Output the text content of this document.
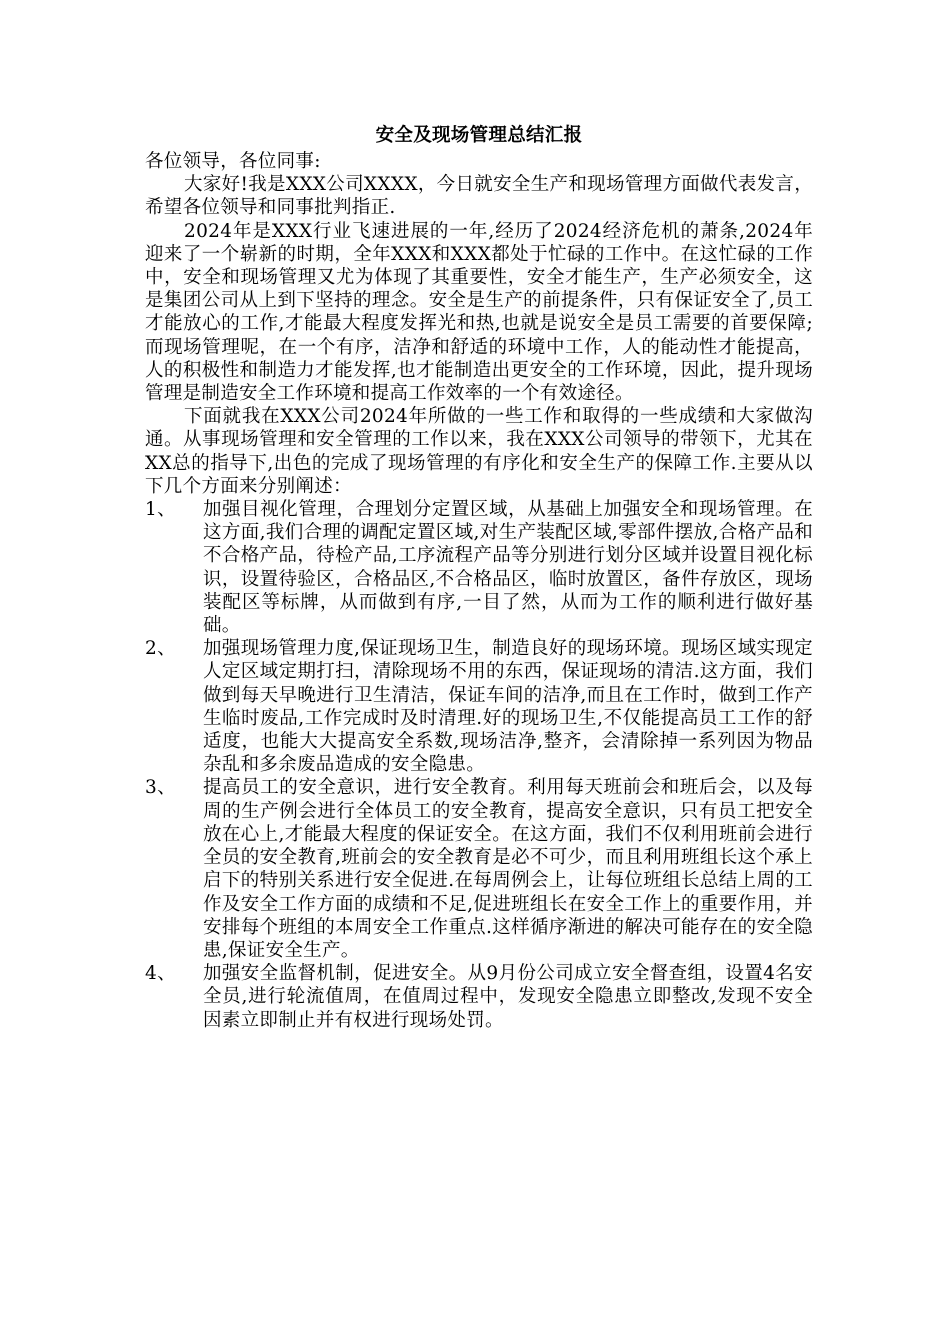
安全及现场管理总结汇报

各位领导，各位同事:

大家好!我是XXX公司XXXX，今日就安全生产和现场管理方面做代表发言，希望各位领导和同事批判指正.

2024年是XXX行业飞速进展的一年,经历了2024经济危机的萧条,2024年迎来了一个崭新的时期，全年XXX和XXX都处于忙碌的工作中。在这忙碌的工作中，安全和现场管理又尤为体现了其重要性，安全才能生产，生产必须安全，这是集团公司从上到下坚持的理念。安全是生产的前提条件，只有保证安全了,员工才能放心的工作,才能最大程度发挥光和热,也就是说安全是员工需要的首要保障;而现场管理呢，在一个有序，洁净和舒适的环境中工作，人的能动性才能提高，人的积极性和制造力才能发挥,也才能制造出更安全的工作环境，因此，提升现场管理是制造安全工作环境和提高工作效率的一个有效途径。

下面就我在XXX公司2024年所做的一些工作和取得的一些成绩和大家做沟通。从事现场管理和安全管理的工作以来，我在XXX公司领导的带领下，尤其在XX总的指导下,出色的完成了现场管理的有序化和安全生产的保障工作.主要从以下几个方面来分别阐述：

1、	加强目视化管理，合理划分定置区域，从基础上加强安全和现场管理。在这方面,我们合理的调配定置区域,对生产装配区域,零部件摆放,合格产品和不合格产品，待检产品,工序流程产品等分别进行划分区域并设置目视化标识，设置待验区，合格品区,不合格品区，临时放置区，备件存放区，现场装配区等标牌，从而做到有序,一目了然，从而为工作的顺利进行做好基础。
2、	加强现场管理力度,保证现场卫生，制造良好的现场环境。现场区域实现定人定区域定期打扫，清除现场不用的东西，保证现场的清洁.这方面，我们做到每天早晚进行卫生清洁，保证车间的洁净,而且在工作时，做到工作产生临时废品,工作完成时及时清理.好的现场卫生,不仅能提高员工工作的舒适度，也能大大提高安全系数,现场洁净,整齐，会清除掉一系列因为物品杂乱和多余废品造成的安全隐患。
3、	提高员工的安全意识，进行安全教育。利用每天班前会和班后会，以及每周的生产例会进行全体员工的安全教育，提高安全意识，只有员工把安全放在心上,才能最大程度的保证安全。在这方面，我们不仅利用班前会进行全员的安全教育,班前会的安全教育是必不可少，而且利用班组长这个承上启下的特别关系进行安全促进.在每周例会上，让每位班组长总结上周的工作及安全工作方面的成绩和不足,促进班组长在安全工作上的重要作用，并安排每个班组的本周安全工作重点.这样循序渐进的解决可能存在的安全隐患,保证安全生产。
4、	加强安全监督机制，促进安全。从9月份公司成立安全督查组，设置4名安全员,进行轮流值周，在值周过程中，发现安全隐患立即整改,发现不安全因素立即制止并有权进行现场处罚。
